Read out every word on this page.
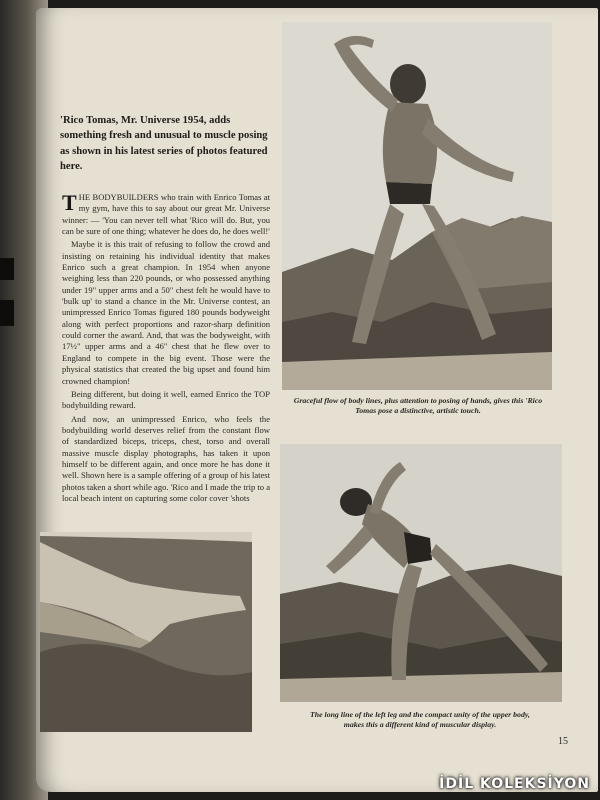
'Rico Tomas, Mr. Universe 1954, adds something fresh and unusual to muscle posing as shown in his latest series of photos featured here.

THE BODYBUILDERS who train with Enrico Tomas at my gym, have this to say about our great Mr. Universe winner: — 'You can never tell what 'Rico will do. But, you can be sure of one thing; whatever he does do, he does well!'

Maybe it is this trait of refusing to follow the crowd and insisting on retaining his individual identity that makes Enrico such a great champion. In 1954 when anyone weighing less than 220 pounds, or who possessed anything under 19" upper arms and a 50" chest felt he would have to 'bulk up' to stand a chance in the Mr. Universe contest, an unimpressed Enrico Tomas figured 180 pounds bodyweight along with perfect proportions and razor-sharp definition could corner the award. And, that was the bodyweight, with 17½" upper arms and a 46" chest that he flew over to England to compete in the big event. Those were the physical statistics that created the big upset and found him crowned champion!

Being different, but doing it well, earned Enrico the TOP bodybuilding reward.

And now, an unimpressed Enrico, who feels the bodybuilding world deserves relief from the constant flow of standardized biceps, triceps, chest, torso and overall massive muscle display photographs, has taken it upon himself to be different again, and once more he has done it well. Shown here is a sample offering of a group of his latest photos taken a short while ago. 'Rico and I made the trip to a local beach intent on capturing some color cover 'shots

Graceful flow of body lines, plus attention to posing of hands, gives this 'Rico Tomas pose a distinctive, artistic touch.
The long line of the left leg and the compact unity of the upper body, makes this a different kind of muscular display.
15
İDİL KOLEKSİYON
